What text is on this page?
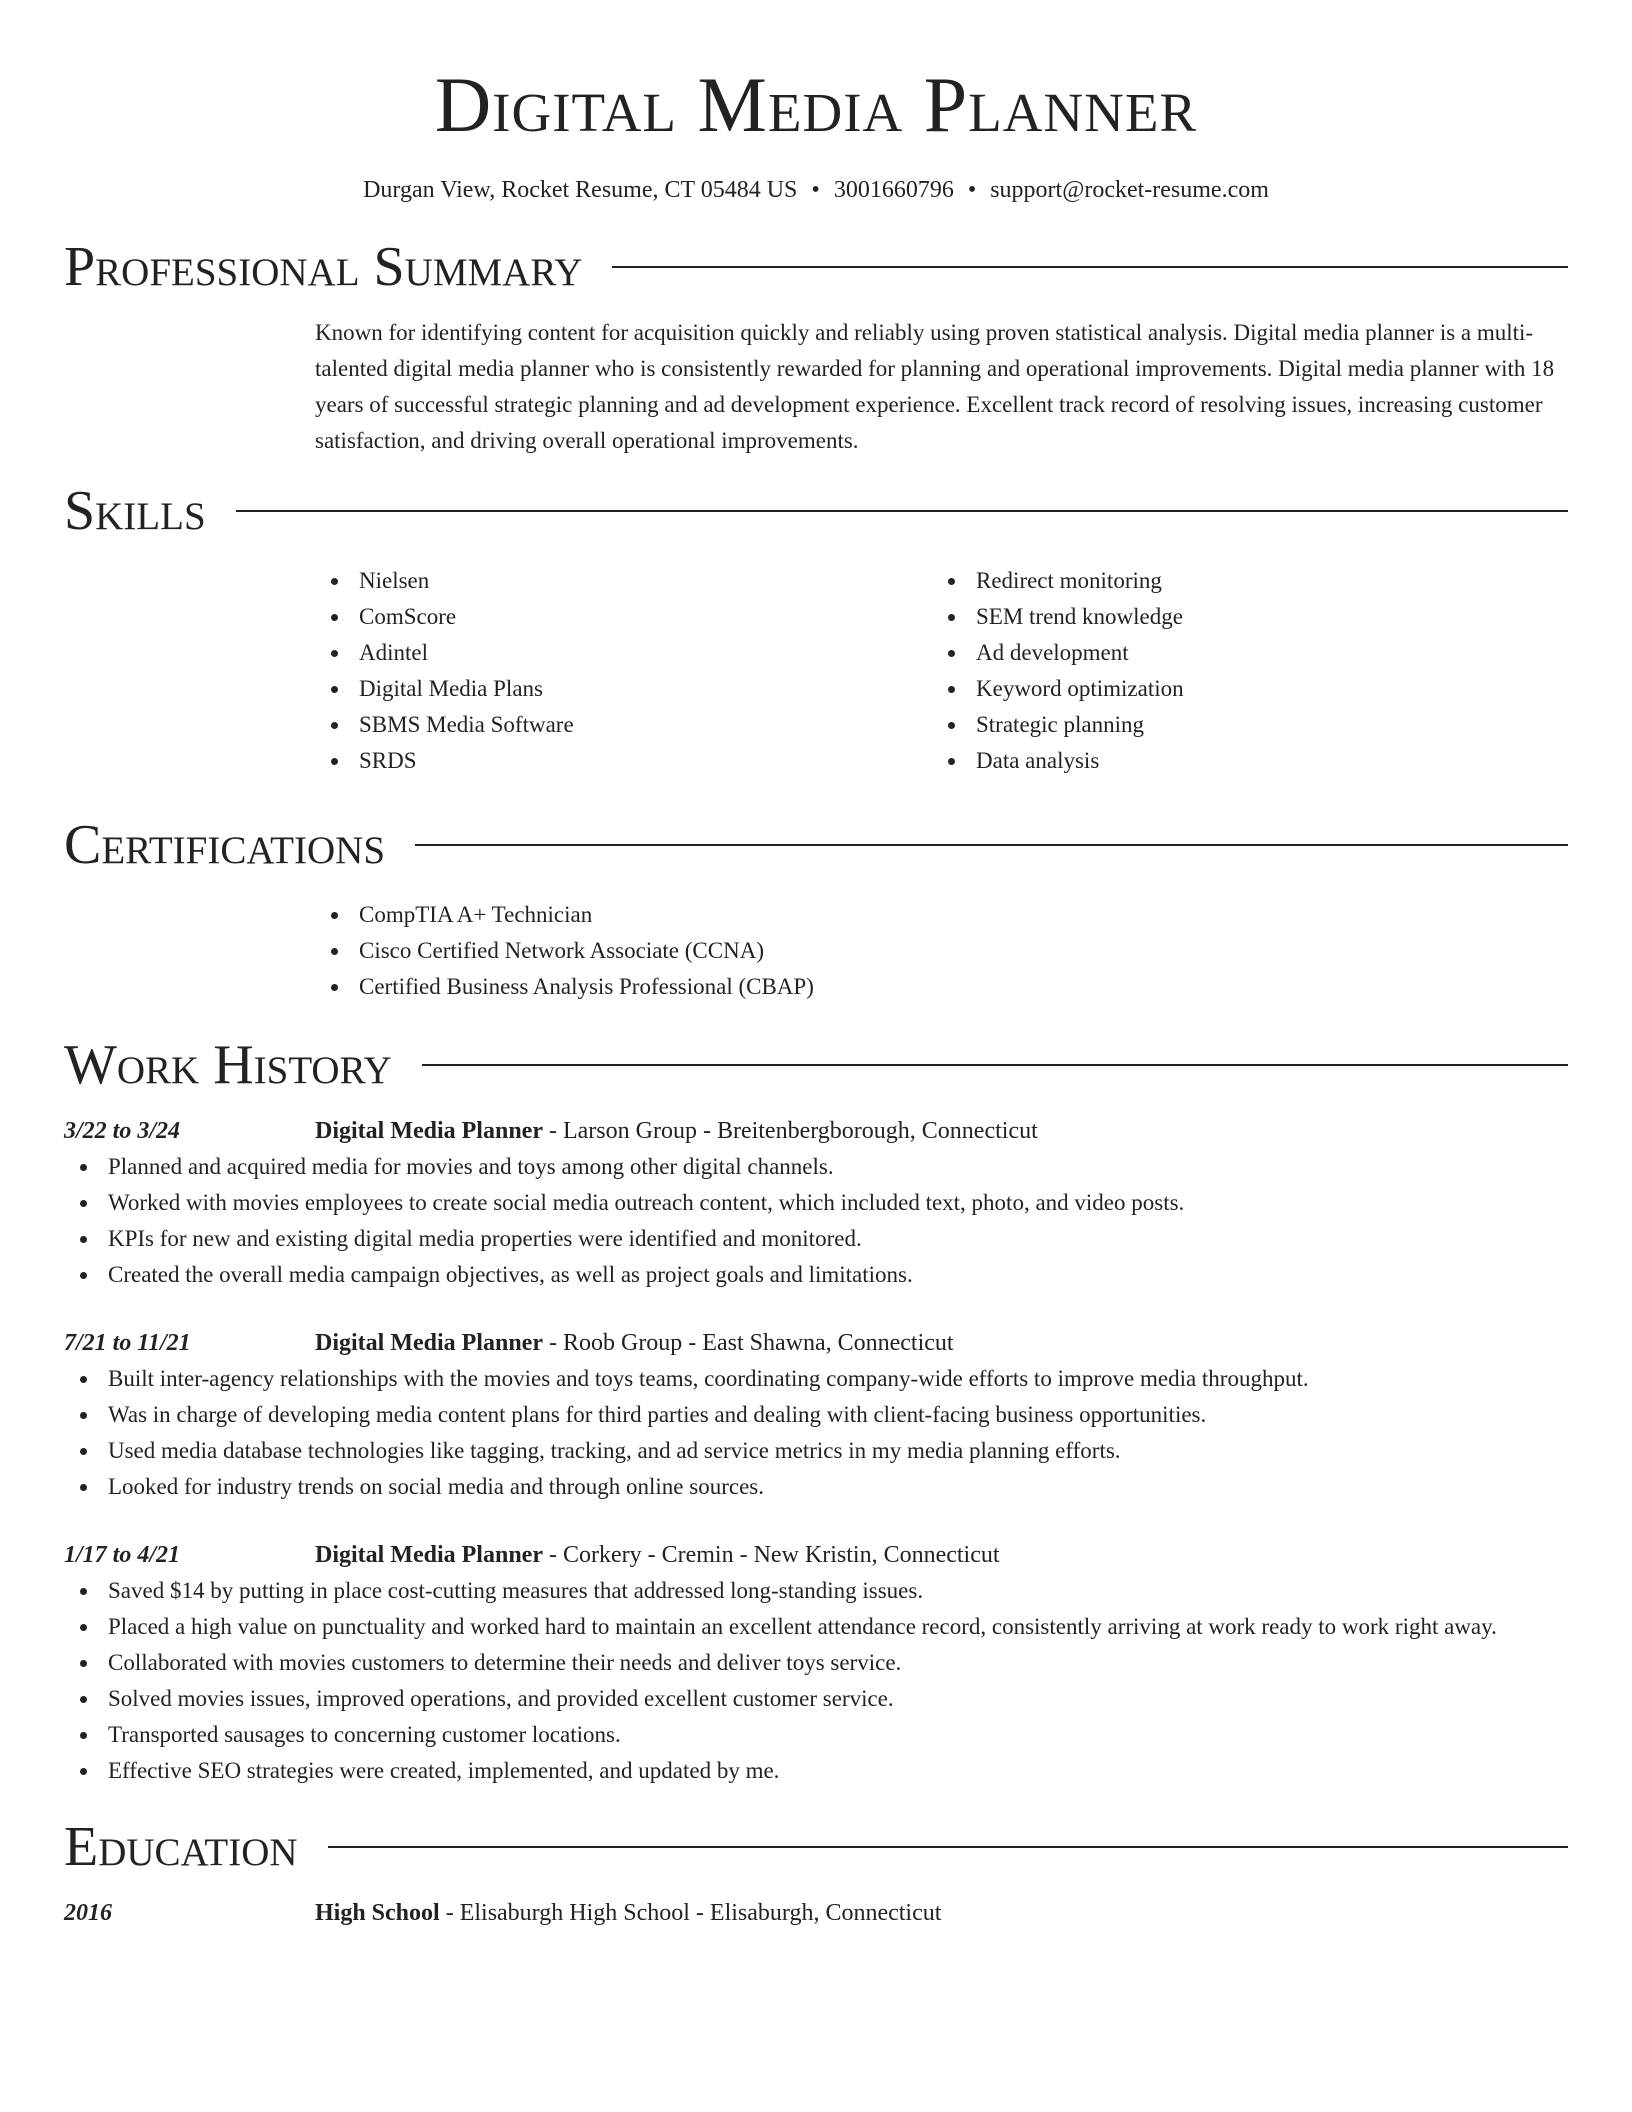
Digital Media Planner
Durgan View, Rocket Resume, CT 05484 US • 3001660796 • support@rocket-resume.com
Professional Summary

Known for identifying content for acquisition quickly and reliably using proven statistical analysis. Digital media planner is a multi-talented digital media planner who is consistently rewarded for planning and operational improvements. Digital media planner with 18 years of successful strategic planning and ad development experience. Excellent track record of resolving issues, increasing customer satisfaction, and driving overall operational improvements.

Skills
Nielsen
ComScore
Adintel
Digital Media Plans
SBMS Media Software
SRDS
Redirect monitoring
SEM trend knowledge
Ad development
Keyword optimization
Strategic planning
Data analysis
Certifications
CompTIA A+ Technician
Cisco Certified Network Associate (CCNA)
Certified Business Analysis Professional (CBAP)
Work History
3/22 to 3/24	Digital Media Planner - Larson Group - Breitenbergborough, Connecticut
Planned and acquired media for movies and toys among other digital channels.
Worked with movies employees to create social media outreach content, which included text, photo, and video posts.
KPIs for new and existing digital media properties were identified and monitored.
Created the overall media campaign objectives, as well as project goals and limitations.
7/21 to 11/21	Digital Media Planner - Roob Group - East Shawna, Connecticut
Built inter-agency relationships with the movies and toys teams, coordinating company-wide efforts to improve media throughput.
Was in charge of developing media content plans for third parties and dealing with client-facing business opportunities.
Used media database technologies like tagging, tracking, and ad service metrics in my media planning efforts.
Looked for industry trends on social media and through online sources.
1/17 to 4/21	Digital Media Planner - Corkery - Cremin - New Kristin, Connecticut
Saved $14 by putting in place cost-cutting measures that addressed long-standing issues.
Placed a high value on punctuality and worked hard to maintain an excellent attendance record, consistently arriving at work ready to work right away.
Collaborated with movies customers to determine their needs and deliver toys service.
Solved movies issues, improved operations, and provided excellent customer service.
Transported sausages to concerning customer locations.
Effective SEO strategies were created, implemented, and updated by me.
Education
2016	High School - Elisaburgh High School - Elisaburgh, Connecticut
